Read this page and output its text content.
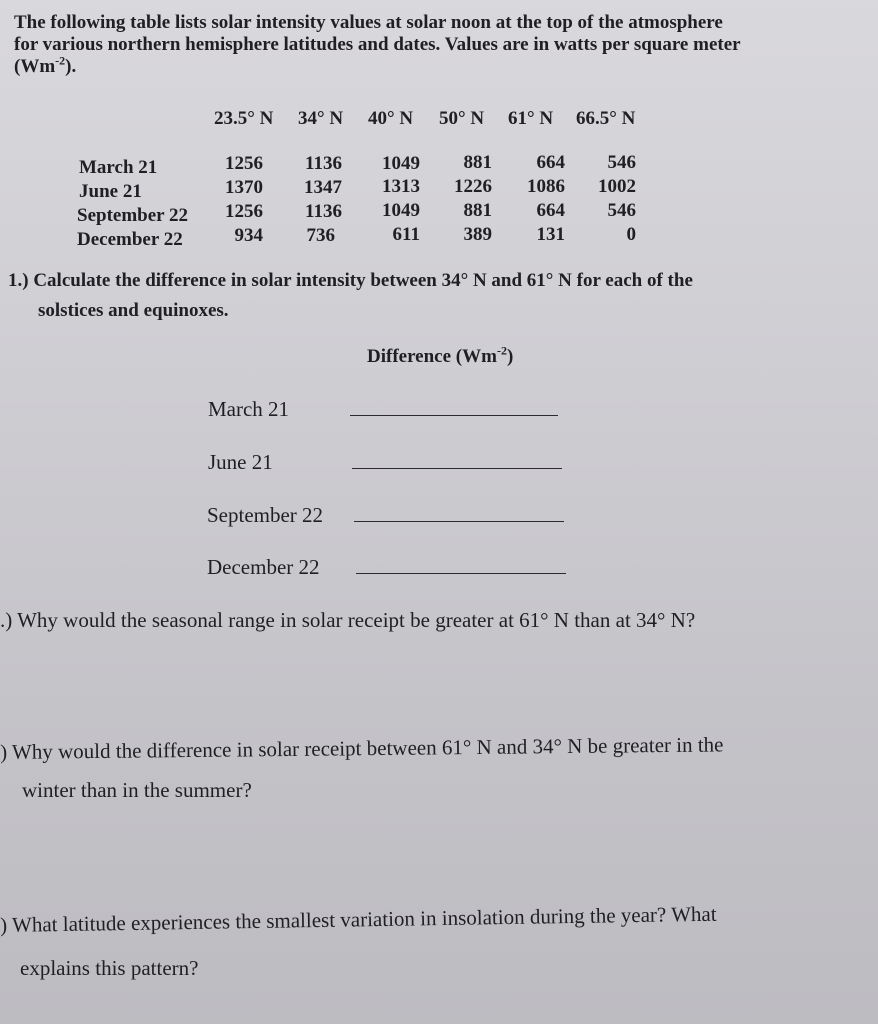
The following table lists solar intensity values at solar noon at the top of the atmosphere
for various northern hemisphere latitudes and dates. Values are in watts per square meter
$(Wm^{-2})$.
23.5° N 34° N 40° N 50° N 61° N 66.5° N
March 21	1256	1136	1049	881	664	546
June 21	1370	1347	1313	1226	1086	1002
September 22	1256	1136	1049	881	664	546
December 22	934	736	611	389	131	0
1.) Calculate the difference in solar intensity between 34° N and 61° N for each of the
solstices and equinoxes.
Difference $(Wm^{-2})$
March 21
June 21
September 22
December 22
.) Why would the seasonal range in solar receipt be greater at 61° N than at 34° N?
) Why would the difference in solar receipt between 61° N and 34° N be greater in the
winter than in the summer?
) What latitude experiences the smallest variation in insolation during the year? What
explains this pattern?
